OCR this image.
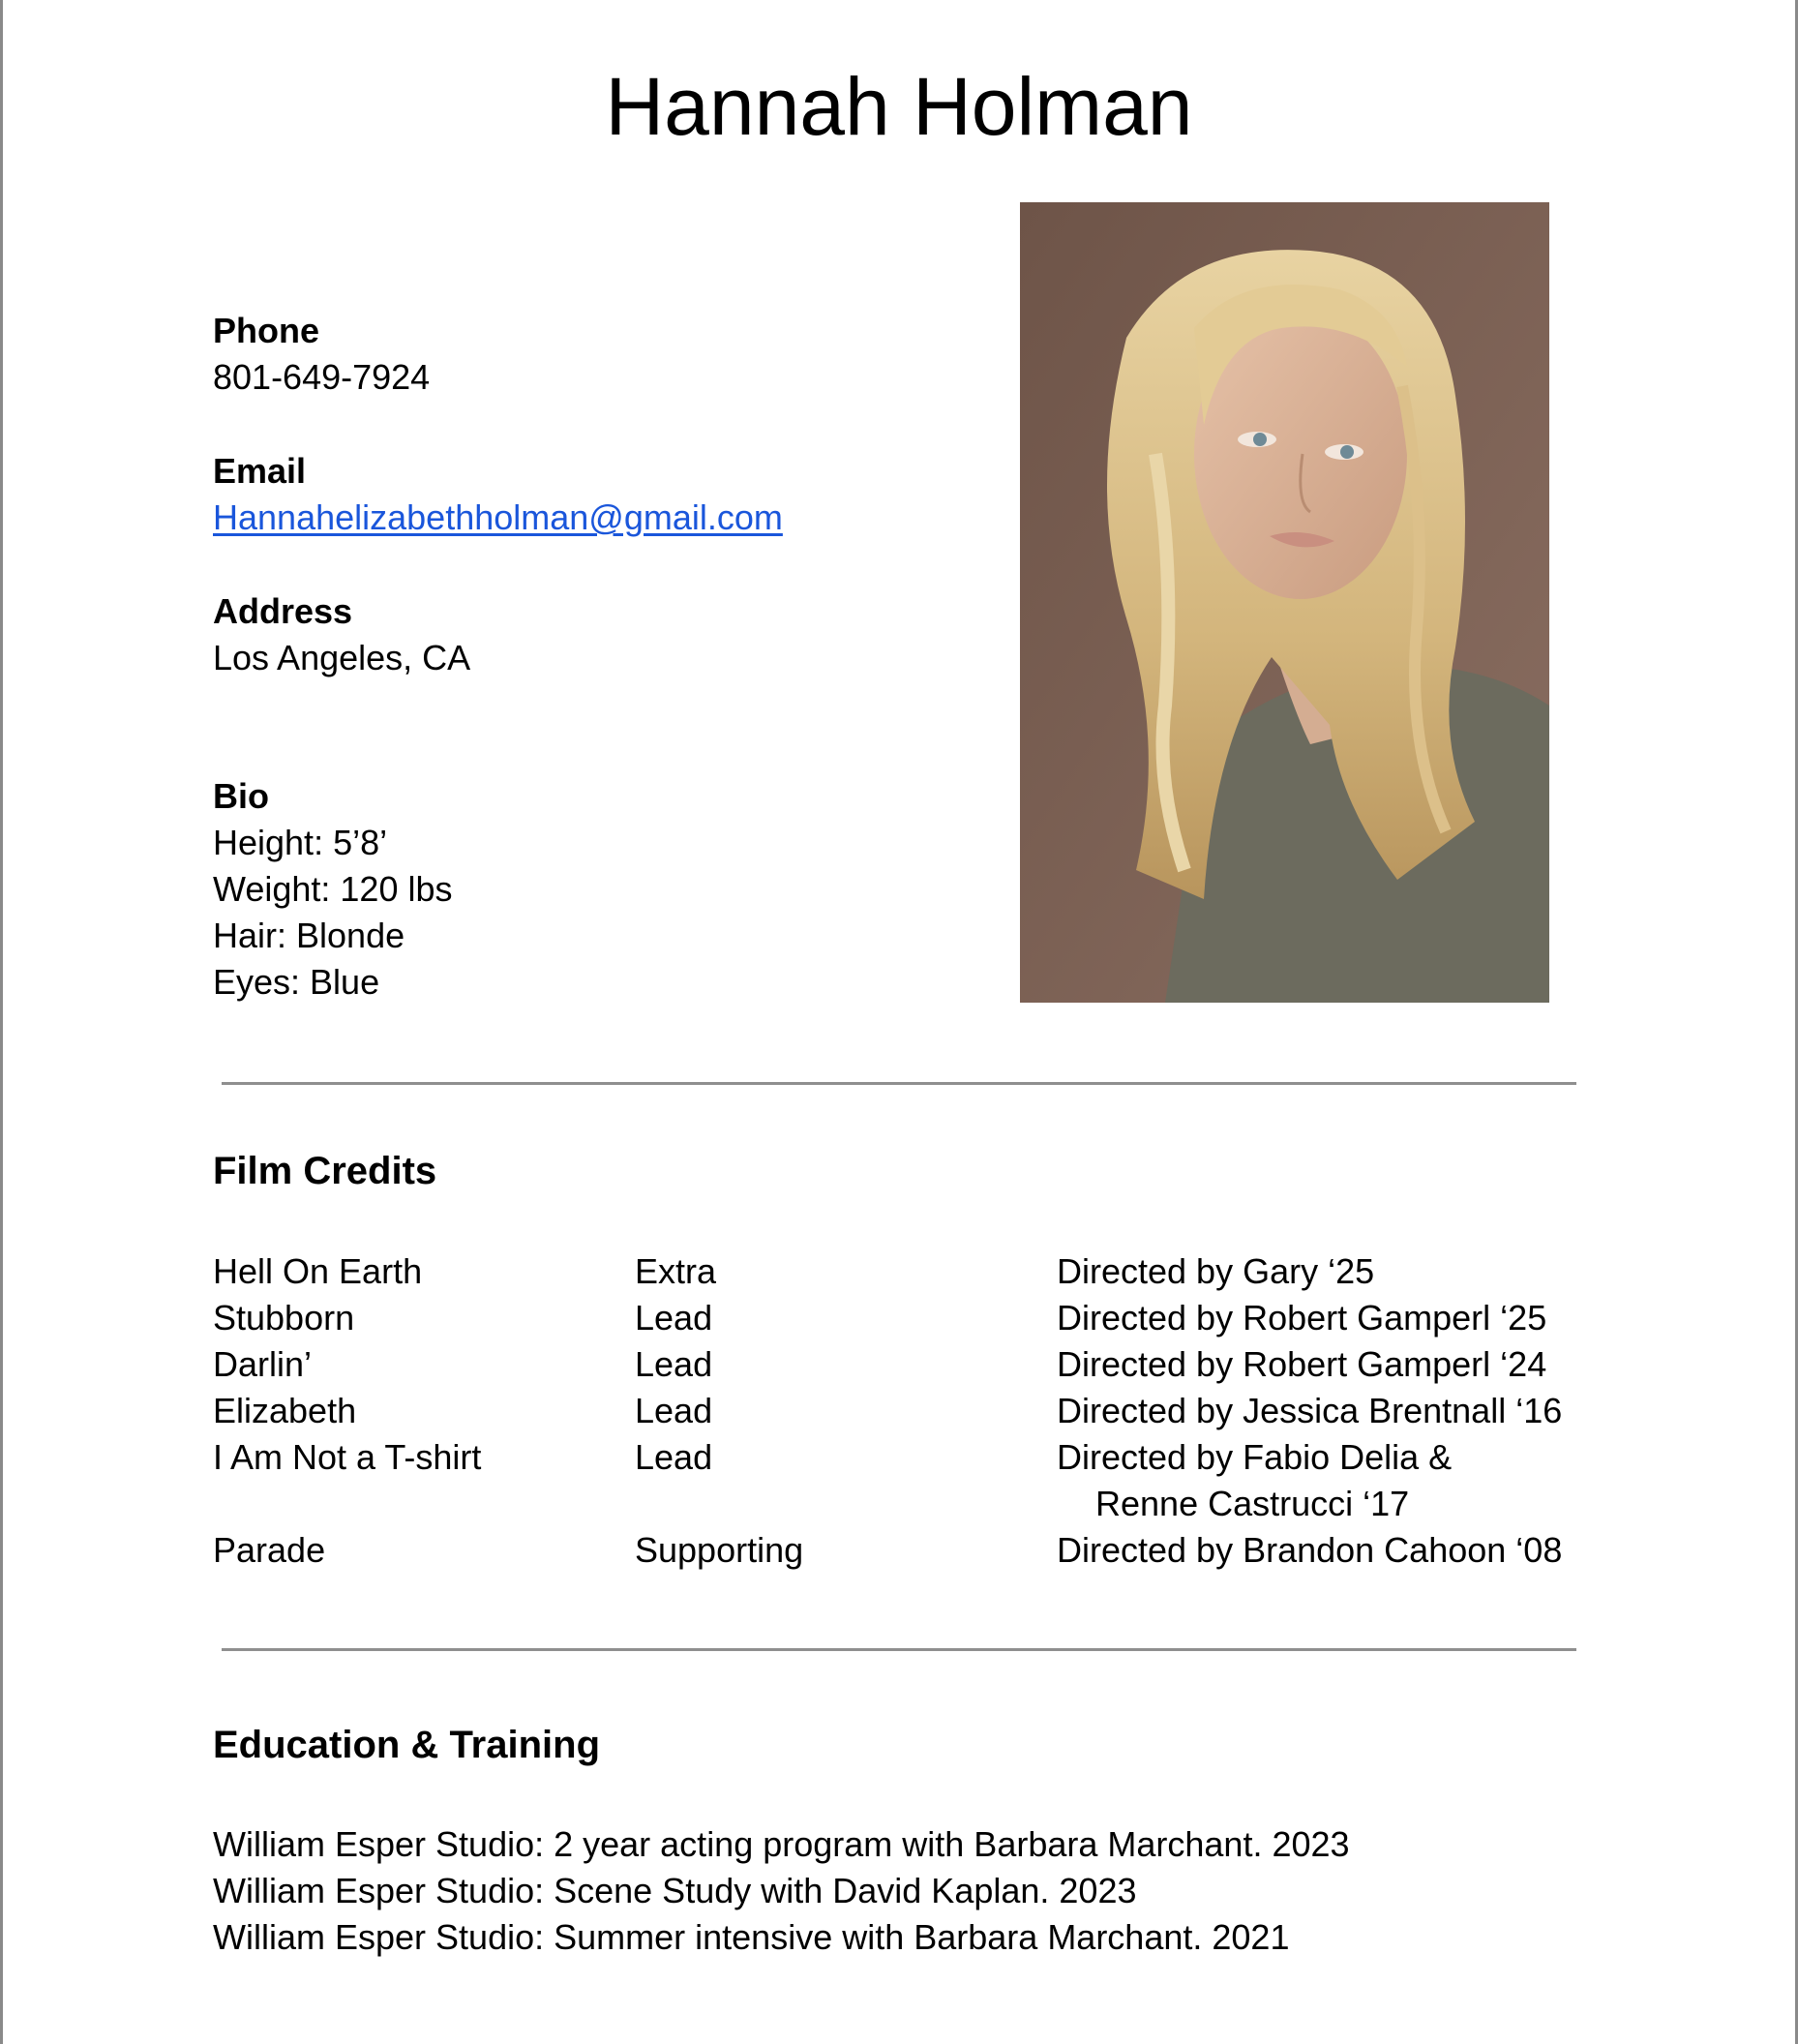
Hannah Holman
Phone
801-649-7924
Email
Hannahelizabethholman@gmail.com
Address
Los Angeles, CA
Bio
Height: 5’8’
Weight: 120 lbs
Hair: Blonde
Eyes: Blue
Film Credits
Hell On Earth	Extra	Directed by Gary ‘25
Stubborn	Lead	Directed by Robert Gamperl ‘25
Darlin’	Lead	Directed by Robert Gamperl ‘24
Elizabeth	Lead	Directed by Jessica Brentnall ‘16
I Am Not a T-shirt	Lead	Directed by Fabio Delia &
Renne Castrucci ‘17
Parade	Supporting	Directed by Brandon Cahoon ‘08
Education & Training
William Esper Studio: 2 year acting program with Barbara Marchant. 2023
William Esper Studio: Scene Study with David Kaplan. 2023
William Esper Studio: Summer intensive with Barbara Marchant. 2021
